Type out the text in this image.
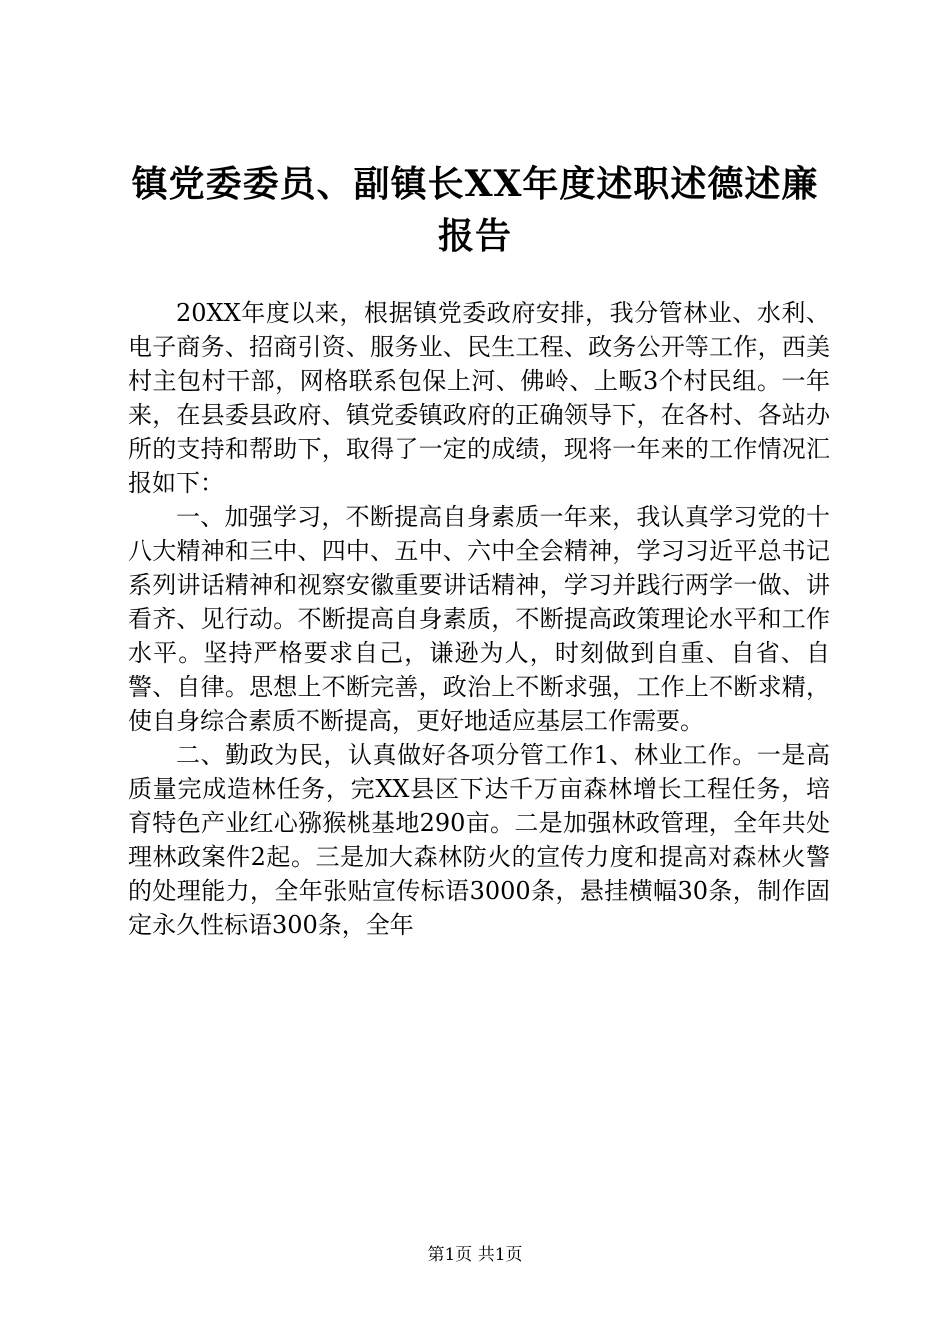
镇党委委员、副镇长XX年度述职述德述廉报告

20XX年度以来，根据镇党委政府安排，我分管林业、水利、电子商务、招商引资、服务业、民生工程、政务公开等工作，西美村主包村干部，网格联系包保上河、佛岭、上畈3个村民组。一年来，在县委县政府、镇党委镇政府的正确领导下，在各村、各站办所的支持和帮助下，取得了一定的成绩，现将一年来的工作情况汇报如下：

一、加强学习，不断提高自身素质一年来，我认真学习党的十八大精神和三中、四中、五中、六中全会精神，学习习近平总书记系列讲话精神和视察安徽重要讲话精神，学习并践行两学一做、讲看齐、见行动。不断提高自身素质，不断提高政策理论水平和工作水平。坚持严格要求自己，谦逊为人，时刻做到自重、自省、自警、自律。思想上不断完善，政治上不断求强，工作上不断求精，使自身综合素质不断提高，更好地适应基层工作需要。

二、勤政为民，认真做好各项分管工作1、林业工作。一是高质量完成造林任务，完XX县区下达千万亩森林增长工程任务，培育特色产业红心猕猴桃基地290亩。二是加强林政管理，全年共处理林政案件2起。三是加大森林防火的宣传力度和提高对森林火警的处理能力，全年张贴宣传标语3000条，悬挂横幅30条，制作固定永久性标语300条，全年

第1页 共1页
